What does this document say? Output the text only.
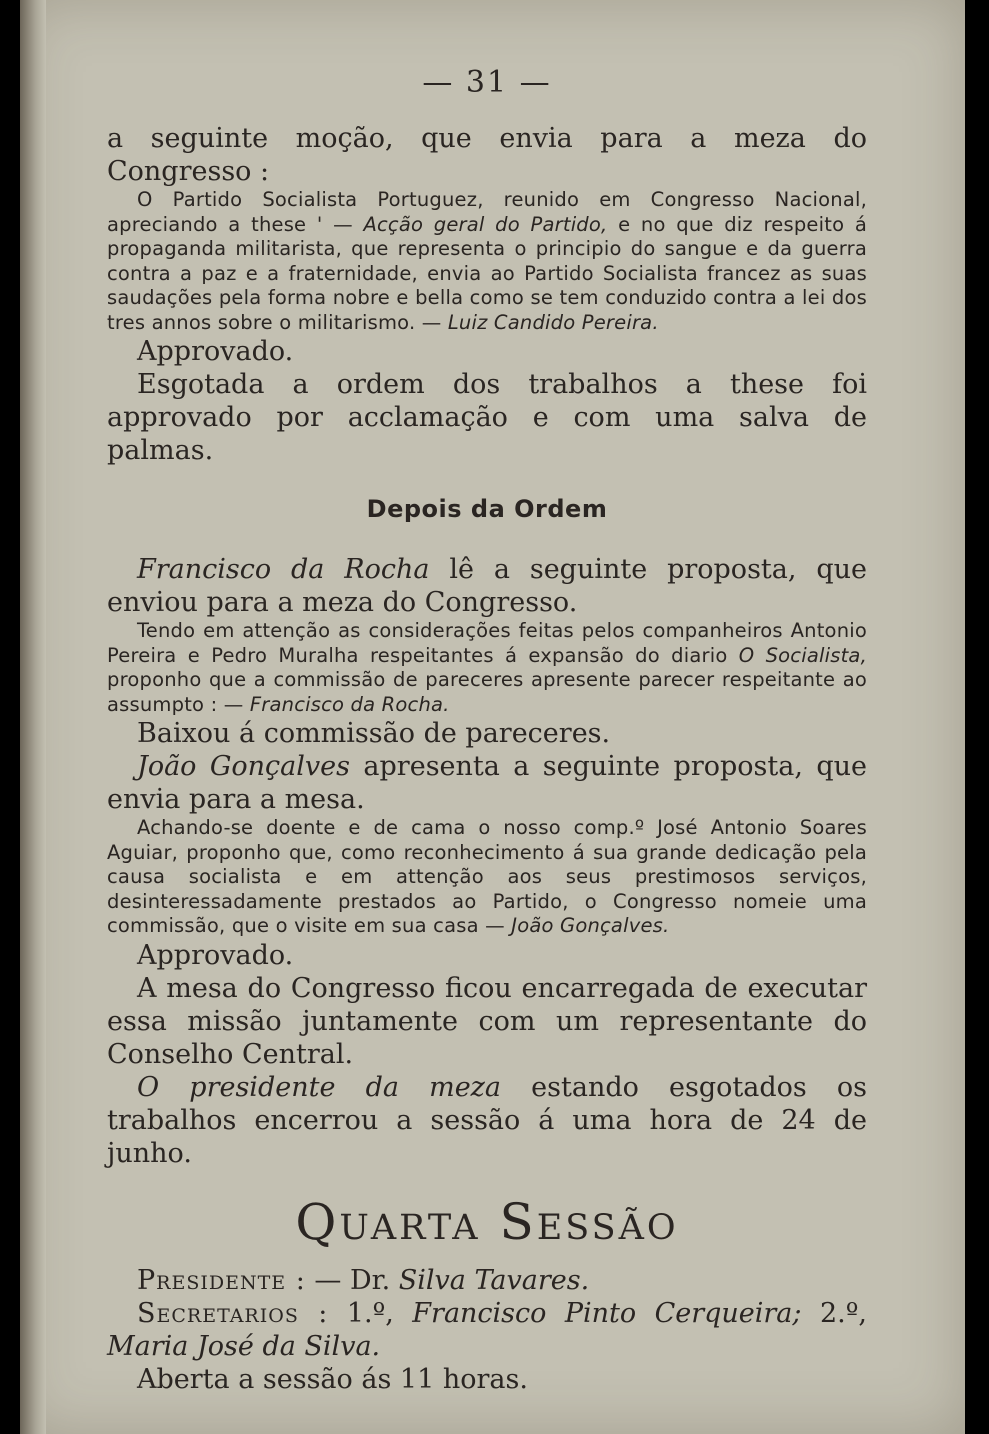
— 31 —

a seguinte moção, que envia para a meza do Congresso :

O Partido Socialista Portuguez, reunido em Congresso Nacional, apreciando a these ' — Acção geral do Partido, e no que diz respeito á propaganda militarista, que representa o principio do sangue e da guerra contra a paz e a fraternidade, envia ao Partido Socialista francez as suas saudações pela forma nobre e bella como se tem conduzido contra a lei dos tres annos sobre o militarismo. — Luiz Candido Pereira.

Approvado.

Esgotada a ordem dos trabalhos a these foi approvado por acclamação e com uma salva de palmas.

Depois da Ordem

Francisco da Rocha lê a seguinte proposta, que enviou para a meza do Congresso.

Tendo em attenção as considerações feitas pelos companheiros Antonio Pereira e Pedro Muralha respeitantes á expansão do diario O Socialista, proponho que a commissão de pareceres apresente parecer respeitante ao assumpto : — Francisco da Rocha.

Baixou á commissão de pareceres.

João Gonçalves apresenta a seguinte proposta, que envia para a mesa.

Achando-se doente e de cama o nosso comp.º José Antonio Soares Aguiar, proponho que, como reconhecimento á sua grande dedicação pela causa socialista e em attenção aos seus prestimosos serviços, desinteressadamente prestados ao Partido, o Congresso nomeie uma commissão, que o visite em sua casa — João Gonçalves.

Approvado.

A mesa do Congresso ficou encarregada de executar essa missão juntamente com um representante do Conselho Central.

O presidente da meza estando esgotados os trabalhos encerrou a sessão á uma hora de 24 de junho.

Quarta Sessão

Presidente : — Dr. Silva Tavares.

Secretarios : 1.º, Francisco Pinto Cerqueira; 2.º, Maria José da Silva.

Aberta a sessão ás 11 horas.
